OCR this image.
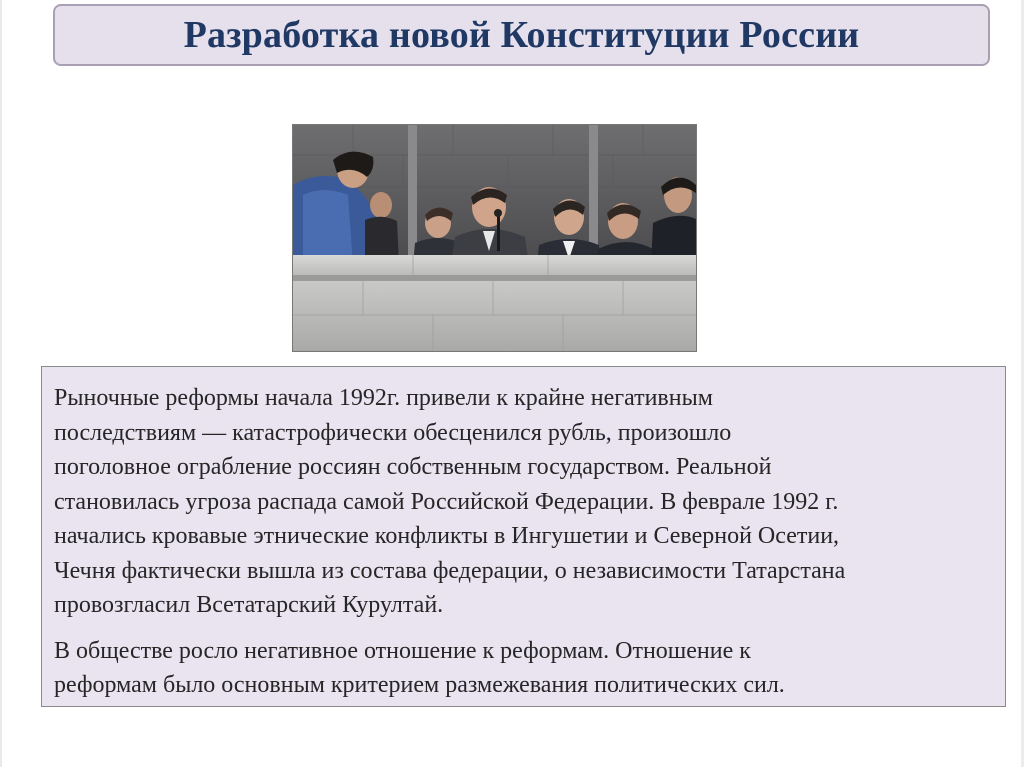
Разработка новой Конституции России

Рыночные реформы начала 1992г. привели к крайне негативным
последствиям — катастрофически обесценился рубль, произошло
поголовное ограбление россиян собственным государством. Реальной
становилась угроза распада самой Российской Федерации. В феврале 1992 г.
начались кровавые этнические конфликты в Ингушетии и Северной Осетии,
Чечня фактически вышла из состава федерации, о независимости Татарстана
провозгласил Всетатарский Курултай.

В обществе росло негативное отношение к реформам. Отношение к
реформам было основным критерием размежевания политических сил.
